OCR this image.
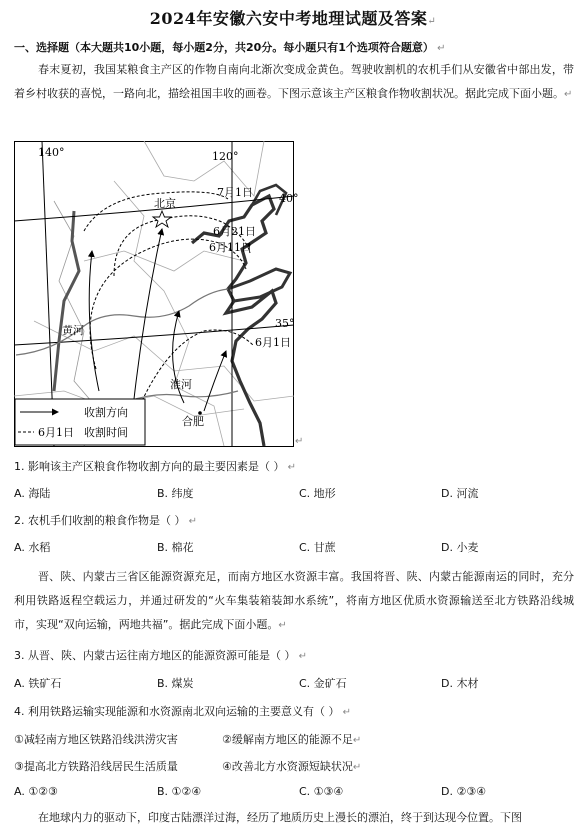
2024年安徽六安中考地理试题及答案↵
一、选择题（本大题共10小题，每小题2分，共20分。每小题只有1个选项符合题意） ↵
春末夏初，我国某粮食主产区的作物自南向北渐次变成金黄色。驾驶收割机的农机手们从安徽省中部出发，带着乡村收获的喜悦，一路向北，描绘祖国丰收的画卷。下图示意该主产区粮食作物收割状况。据此完成下面小题。↵
140°	120°
40°
35°
北京
7月1日
6月21日
6月11日
6月1日
黄河
淮河
合肥
收割方向
6月1日 收割时间
↵
1. 影响该主产区粮食作物收割方向的最主要因素是（ ） ↵
A. 海陆	B. 纬度	C. 地形	D. 河流
2. 农机手们收割的粮食作物是（ ） ↵
A. 水稻	B. 棉花	C. 甘蔗	D. 小麦
晋、陕、内蒙古三省区能源资源充足，而南方地区水资源丰富。我国将晋、陕、内蒙古能源南运的同时，充分利用铁路返程空载运力，并通过研发的“火车集装箱装卸水系统”，将南方地区优质水资源输送至北方铁路沿线城市，实现“双向运输，两地共福”。据此完成下面小题。↵
3. 从晋、陕、内蒙古运往南方地区的能源资源可能是（ ） ↵
A. 铁矿石	B. 煤炭	C. 金矿石	D. 木材
4. 利用铁路运输实现能源和水资源南北双向运输的主要意义有（ ） ↵
①减轻南方地区铁路沿线洪涝灾害	②缓解南方地区的能源不足↵
③提高北方铁路沿线居民生活质量	④改善北方水资源短缺状况↵
A. ①②③	B. ①②④	C. ①③④	D. ②③④
在地球内力的驱动下，印度古陆漂洋过海，经历了地质历史上漫长的漂泊，终于到达现今位置。下图
